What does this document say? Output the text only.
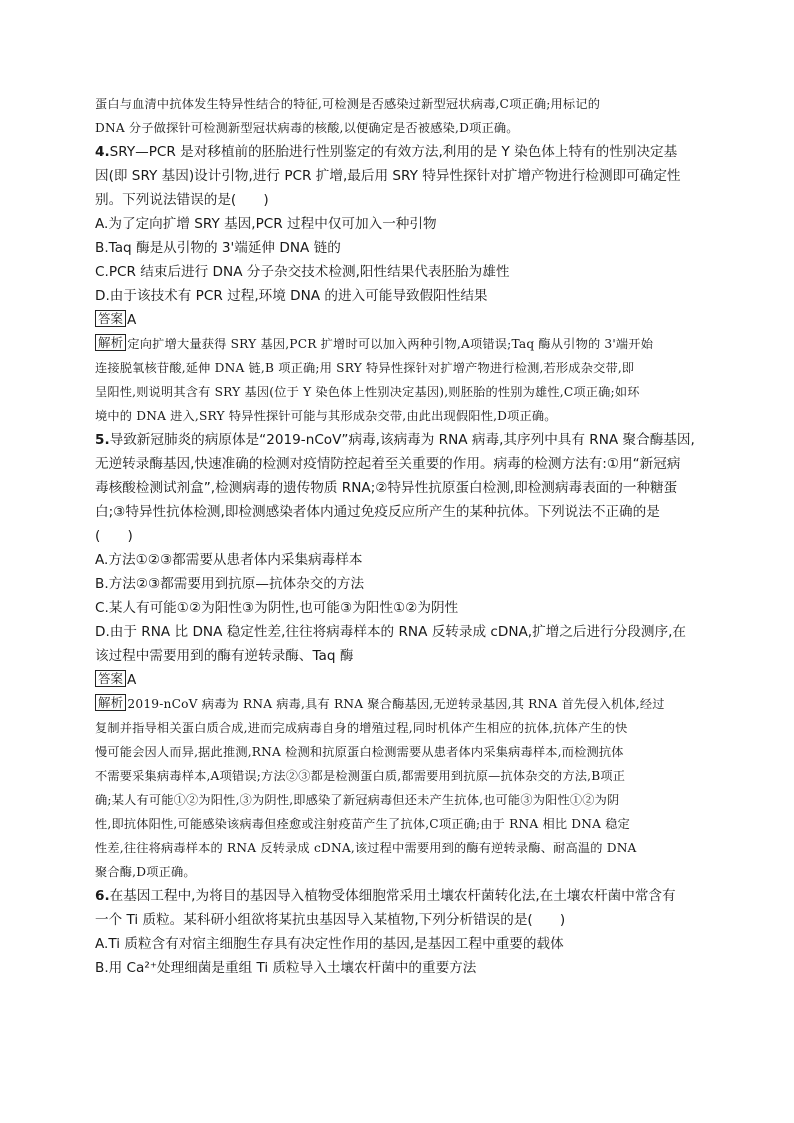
蛋白与血清中抗体发生特异性结合的特征,可检测是否感染过新型冠状病毒,C项正确;用标记的
DNA 分子做探针可检测新型冠状病毒的核酸,以便确定是否被感染,D项正确。
4.SRY—PCR 是对移植前的胚胎进行性别鉴定的有效方法,利用的是 Y 染色体上特有的性别决定基
因(即 SRY 基因)设计引物,进行 PCR 扩增,最后用 SRY 特异性探针对扩增产物进行检测即可确定性
别。下列说法错误的是(　　)
A.为了定向扩增 SRY 基因,PCR 过程中仅可加入一种引物
B.Taq 酶是从引物的 3'端延伸 DNA 链的
C.PCR 结束后进行 DNA 分子杂交技术检测,阳性结果代表胚胎为雄性
D.由于该技术有 PCR 过程,环境 DNA 的进入可能导致假阳性结果
答案 A
解析 定向扩增大量获得 SRY 基因,PCR 扩增时可以加入两种引物,A项错误;Taq 酶从引物的 3'端开始
连接脱氧核苷酸,延伸 DNA 链,B 项正确;用 SRY 特异性探针对扩增产物进行检测,若形成杂交带,即
呈阳性,则说明其含有 SRY 基因(位于 Y 染色体上性别决定基因),则胚胎的性别为雄性,C项正确;如环
境中的 DNA 进入,SRY 特异性探针可能与其形成杂交带,由此出现假阳性,D项正确。
5.导致新冠肺炎的病原体是“2019-nCoV”病毒,该病毒为 RNA 病毒,其序列中具有 RNA 聚合酶基因,
无逆转录酶基因,快速准确的检测对疫情防控起着至关重要的作用。病毒的检测方法有:①用“新冠病
毒核酸检测试剂盒”,检测病毒的遗传物质 RNA;②特异性抗原蛋白检测,即检测病毒表面的一种糖蛋
白;③特异性抗体检测,即检测感染者体内通过免疫反应所产生的某种抗体。下列说法不正确的是
(　　)
A.方法①②③都需要从患者体内采集病毒样本
B.方法②③都需要用到抗原—抗体杂交的方法
C.某人有可能①②为阳性③为阴性,也可能③为阳性①②为阴性
D.由于 RNA 比 DNA 稳定性差,往往将病毒样本的 RNA 反转录成 cDNA,扩增之后进行分段测序,在
该过程中需要用到的酶有逆转录酶、Taq 酶
答案 A
解析 2019-nCoV 病毒为 RNA 病毒,具有 RNA 聚合酶基因,无逆转录基因,其 RNA 首先侵入机体,经过
复制并指导相关蛋白质合成,进而完成病毒自身的增殖过程,同时机体产生相应的抗体,抗体产生的快
慢可能会因人而异,据此推测,RNA 检测和抗原蛋白检测需要从患者体内采集病毒样本,而检测抗体
不需要采集病毒样本,A项错误;方法②③都是检测蛋白质,都需要用到抗原—抗体杂交的方法,B项正
确;某人有可能①②为阳性,③为阴性,即感染了新冠病毒但还未产生抗体,也可能③为阳性①②为阴
性,即抗体阳性,可能感染该病毒但痊愈或注射疫苗产生了抗体,C项正确;由于 RNA 相比 DNA 稳定
性差,往往将病毒样本的 RNA 反转录成 cDNA,该过程中需要用到的酶有逆转录酶、耐高温的 DNA
聚合酶,D项正确。
6.在基因工程中,为将目的基因导入植物受体细胞常采用土壤农杆菌转化法,在土壤农杆菌中常含有
一个 Ti 质粒。某科研小组欲将某抗虫基因导入某植物,下列分析错误的是(　　)
A.Ti 质粒含有对宿主细胞生存具有决定性作用的基因,是基因工程中重要的载体
B.用 Ca²⁺处理细菌是重组 Ti 质粒导入土壤农杆菌中的重要方法
